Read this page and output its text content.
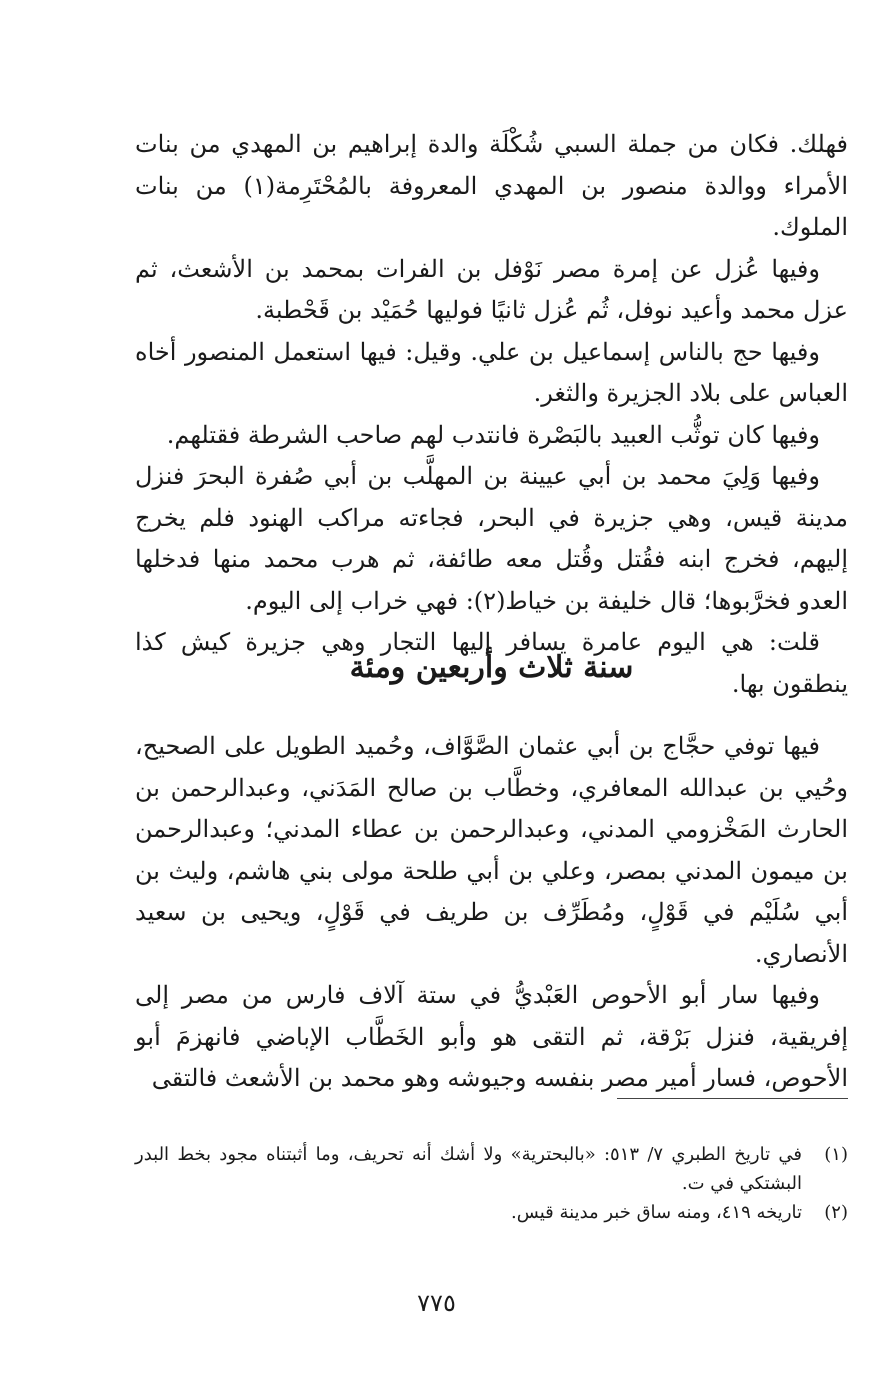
فهلك. فكان من جملة السبي شُكْلَة والدة إبراهيم بن المهدي من بنات الأمراء ووالدة منصور بن المهدي المعروفة بالمُحْتَرِمة(١) من بنات الملوك.

وفيها عُزل عن إمرة مصر نَوْفل بن الفرات بمحمد بن الأشعث، ثم عزل محمد وأعيد نوفل، ثُم عُزل ثانيًا فوليها حُمَيْد بن قَحْطبة.

وفيها حج بالناس إسماعيل بن علي. وقيل: فيها استعمل المنصور أخاه العباس على بلاد الجزيرة والثغر.

وفيها كان توثُّب العبيد بالبَصْرة فانتدب لهم صاحب الشرطة فقتلهم.

وفيها وَلِيَ محمد بن أبي عيينة بن المهلَّب بن أبي صُفرة البحرَ فنزل مدينة قيس، وهي جزيرة في البحر، فجاءته مراكب الهنود فلم يخرج إليهم، فخرج ابنه فقُتل وقُتل معه طائفة، ثم هرب محمد منها فدخلها العدو فخرَّبوها؛ قال خليفة بن خياط(٢): فهي خراب إلى اليوم.

قلت: هي اليوم عامرة يسافر إليها التجار وهي جزيرة كيش كذا ينطقون بها.

سنة ثلاث وأربعين ومئة

فيها توفي حجَّاج بن أبي عثمان الصَّوَّاف، وحُميد الطويل على الصحيح، وحُيي بن عبدالله المعافري، وخطَّاب بن صالح المَدَني، وعبدالرحمن بن الحارث المَخْزومي المدني، وعبدالرحمن بن عطاء المدني؛ وعبدالرحمن بن ميمون المدني بمصر، وعلي بن أبي طلحة مولى بني هاشم، وليث بن أبي سُلَيْم في قَوْلٍ، ومُطَرِّف بن طريف في قَوْلٍ، ويحيى بن سعيد الأنصاري.

وفيها سار أبو الأحوص العَبْديُّ في ستة آلاف فارس من مصر إلى إفريقية، فنزل بَرْقة، ثم التقى هو وأبو الخَطَّاب الإباضي فانهزمَ أبو الأحوص، فسار أمير مصر بنفسه وجيوشه وهو محمد بن الأشعث فالتقى

(١)
في تاريخ الطبري ٧/ ٥١٣: «بالبحترية» ولا أشك أنه تحريف، وما أثبتناه مجود بخط البدر البشتكي في ت.
(٢)
تاريخه ٤١٩، ومنه ساق خبر مدينة قيس.
٧٧٥
